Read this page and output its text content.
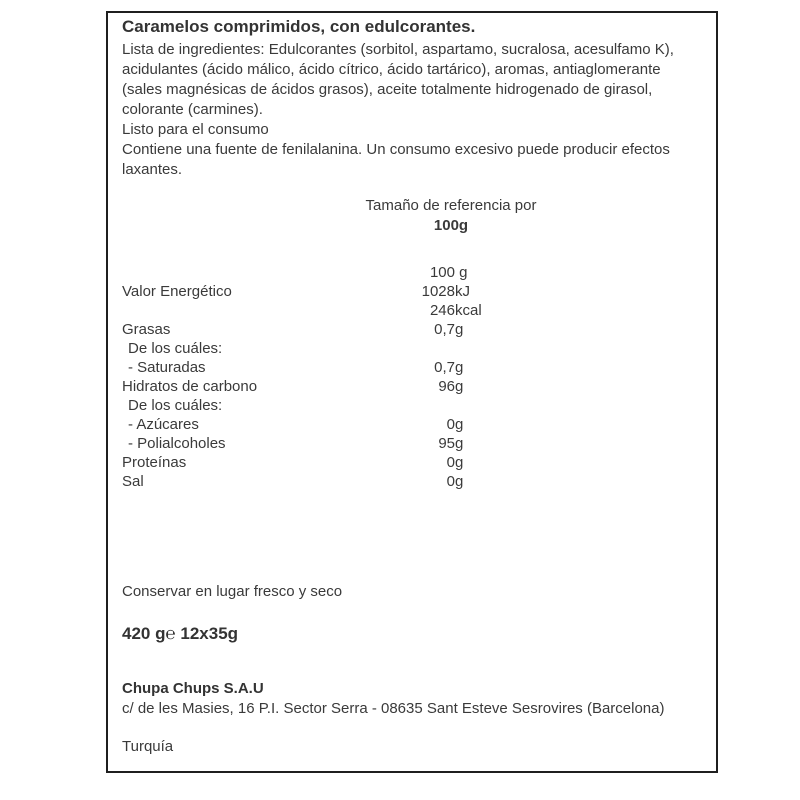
Caramelos comprimidos, con edulcorantes.

Lista de ingredientes: Edulcorantes (sorbitol, aspartamo, sucralosa, acesulfamo K), acidulantes (ácido málico, ácido cítrico, ácido tartárico), aromas, antiaglomerante (sales magnésicas de ácidos grasos), aceite totalmente hidrogenado de girasol, colorante (carmines).

Listo para el consumo

Contiene una fuente de fenilalanina. Un consumo excesivo puede producir efectos laxantes.

Tamaño de referencia por
100g
100 g
Valor Energético	1028kJ
246kcal
Grasas	0,7g
De los cuáles:
- Saturadas	0,7g
Hidratos de carbono	96g
De los cuáles:
- Azúcares	0g
- Polialcoholes	95g
Proteínas	0g
Sal	0g
Conservar en lugar fresco y seco
420 g℮ 12x35g
Chupa Chups S.A.U

c/ de les Masies, 16 P.I. Sector Serra - 08635 Sant Esteve Sesrovires (Barcelona)

Turquía
